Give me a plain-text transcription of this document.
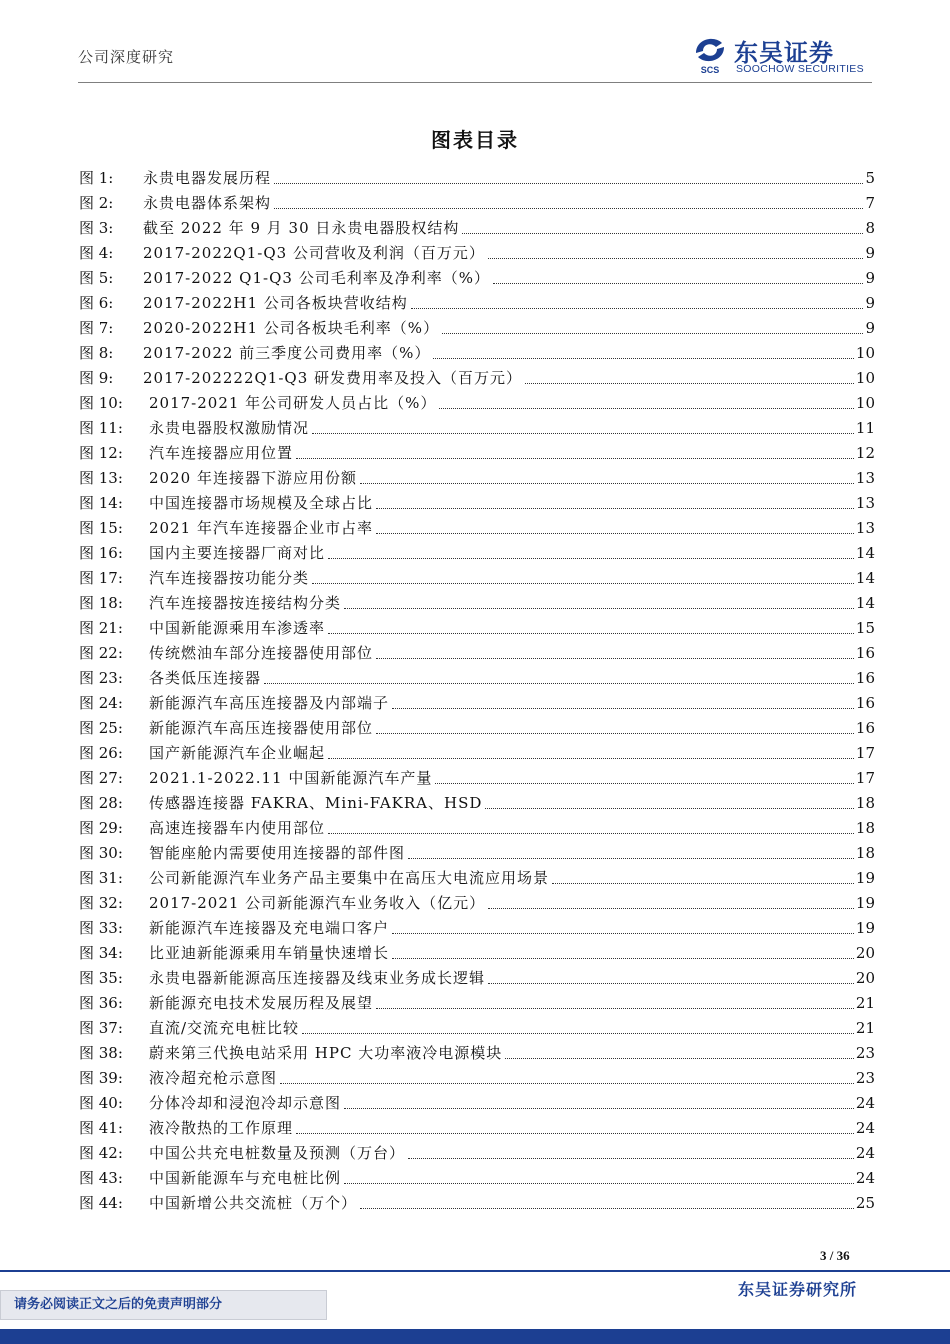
公司深度研究
SCS
东吴证券
SOOCHOW SECURITIES
图表目录
图 1:	永贵电器发展历程	5
图 2:	永贵电器体系架构	7
图 3:	截至 2022 年 9 月 30 日永贵电器股权结构	8
图 4:	2017-2022Q1-Q3 公司营收及利润（百万元）	9
图 5:	2017-2022 Q1-Q3 公司毛利率及净利率（%）	9
图 6:	2017-2022H1 公司各板块营收结构	9
图 7:	2020-2022H1 公司各板块毛利率（%）	9
图 8:	2017-2022 前三季度公司费用率（%）	10
图 9:	2017-202222Q1-Q3 研发费用率及投入（百万元）	10
图 10:	2017-2021 年公司研发人员占比（%）	10
图 11:	永贵电器股权激励情况	11
图 12:	汽车连接器应用位置	12
图 13:	2020 年连接器下游应用份额	13
图 14:	中国连接器市场规模及全球占比	13
图 15:	2021 年汽车连接器企业市占率	13
图 16:	国内主要连接器厂商对比	14
图 17:	汽车连接器按功能分类	14
图 18:	汽车连接器按连接结构分类	14
图 21:	中国新能源乘用车渗透率	15
图 22:	传统燃油车部分连接器使用部位	16
图 23:	各类低压连接器	16
图 24:	新能源汽车高压连接器及内部端子	16
图 25:	新能源汽车高压连接器使用部位	16
图 26:	国产新能源汽车企业崛起	17
图 27:	2021.1-2022.11 中国新能源汽车产量	17
图 28:	传感器连接器 FAKRA、Mini-FAKRA、HSD	18
图 29:	高速连接器车内使用部位	18
图 30:	智能座舱内需要使用连接器的部件图	18
图 31:	公司新能源汽车业务产品主要集中在高压大电流应用场景	19
图 32:	2017-2021 公司新能源汽车业务收入（亿元）	19
图 33:	新能源汽车连接器及充电端口客户	19
图 34:	比亚迪新能源乘用车销量快速增长	20
图 35:	永贵电器新能源高压连接器及线束业务成长逻辑	20
图 36:	新能源充电技术发展历程及展望	21
图 37:	直流/交流充电桩比较	21
图 38:	蔚来第三代换电站采用 HPC 大功率液冷电源模块	23
图 39:	液冷超充枪示意图	23
图 40:	分体冷却和浸泡冷却示意图	24
图 41:	液冷散热的工作原理	24
图 42:	中国公共充电桩数量及预测（万台）	24
图 43:	中国新能源车与充电桩比例	24
图 44:	中国新增公共交流桩（万个）	25
3 / 36
请务必阅读正文之后的免责声明部分
东吴证券研究所
